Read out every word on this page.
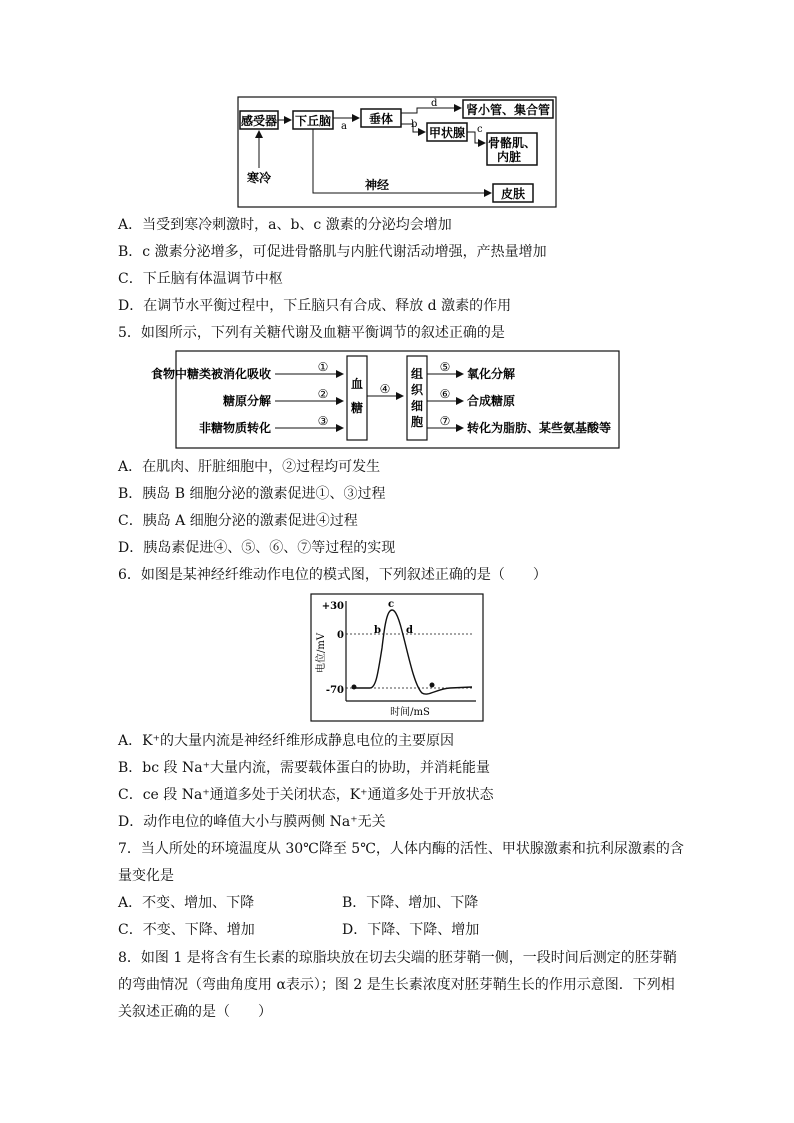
感受器 下丘脑	垂体
肾小管、集合管
甲状腺
骨骼肌、
内脏
皮肤
寒冷	神经
a
d
b	c
A．当受到寒冷刺激时，a、b、c 激素的分泌均会增加
B．c 激素分泌增多，可促进骨骼肌与内脏代谢活动增强，产热量增加
C．下丘脑有体温调节中枢
D．在调节水平衡过程中，下丘脑只有合成、释放 d 激素的作用
5．如图所示，下列有关糖代谢及血糖平衡调节的叙述正确的是
食物中糖类被消化吸收
糖原分解
非糖物质转化
①
②
③
血
糖
④
组
织
细
胞
⑤
⑥
⑦
氧化分解
合成糖原
转化为脂肪、某些氨基酸等
A．在肌肉、肝脏细胞中，②过程均可发生
B．胰岛 B 细胞分泌的激素促进①、③过程
C．胰岛 A 细胞分泌的激素促进④过程
D．胰岛素促进④、⑤、⑥、⑦等过程的实现
6．如图是某神经纤维动作电位的模式图，下列叙述正确的是（　　）
+30
0
-70
电位/mV
时间/mS
b
c
d
A．K⁺的大量内流是神经纤维形成静息电位的主要原因
B．bc 段 Na⁺大量内流，需要载体蛋白的协助，并消耗能量
C．ce 段 Na⁺通道多处于关闭状态，K⁺通道多处于开放状态
D．动作电位的峰值大小与膜两侧 Na⁺无关
7．当人所处的环境温度从 30℃降至 5℃，人体内酶的活性、甲状腺激素和抗利尿激素的含
量变化是
A．不变、增加、下降	B．下降、增加、下降
C．不变、下降、增加	D．下降、下降、增加
8．如图 1 是将含有生长素的琼脂块放在切去尖端的胚芽鞘一侧，一段时间后测定的胚芽鞘
的弯曲情况（弯曲角度用 α表示）；图 2 是生长素浓度对胚芽鞘生长的作用示意图．下列相
关叙述正确的是（　　）
